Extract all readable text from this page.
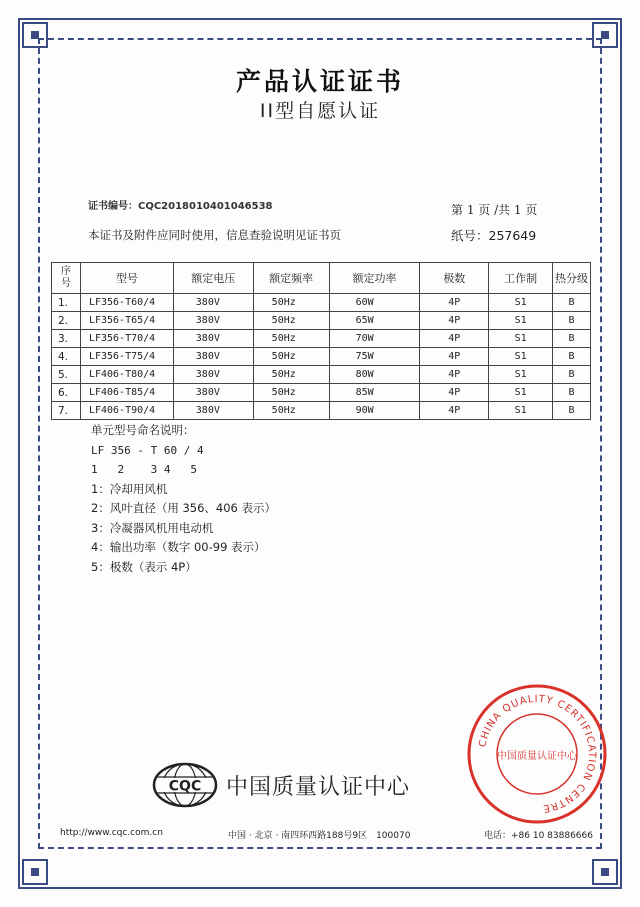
产品认证证书
II型自愿认证
证书编号：CQC2018010401046538	第 1 页 /共 1 页
本证书及附件应同时使用，信息查验说明见证书页	纸号：257649
序号	型号	额定电压	额定频率	额定功率	极数	工作制	热分级
1.	LF356-T60/4	380V	50Hz	60W	4P	S1	B
2.	LF356-T65/4	380V	50Hz	65W	4P	S1	B
3.	LF356-T70/4	380V	50Hz	70W	4P	S1	B
4.	LF356-T75/4	380V	50Hz	75W	4P	S1	B
5.	LF406-T80/4	380V	50Hz	80W	4P	S1	B
6.	LF406-T85/4	380V	50Hz	85W	4P	S1	B
7.	LF406-T90/4	380V	50Hz	90W	4P	S1	B
单元型号命名说明：
LF 356 - T 60 / 4
1   2    3 4   5
1：冷却用风机
2：风叶直径（用 356、406 表示）
3：冷凝器风机用电动机
4：输出功率（数字 00-99 表示）
5：极数（表示 4P）
CHINA QUALITY CERTIFICATION CENTRE
中国质量认证中心
CQC 中国质量认证中心
http://www.cqc.com.cn	中国 · 北京 · 南四环西路188号9区　100070	电话：+86 10 83886666
